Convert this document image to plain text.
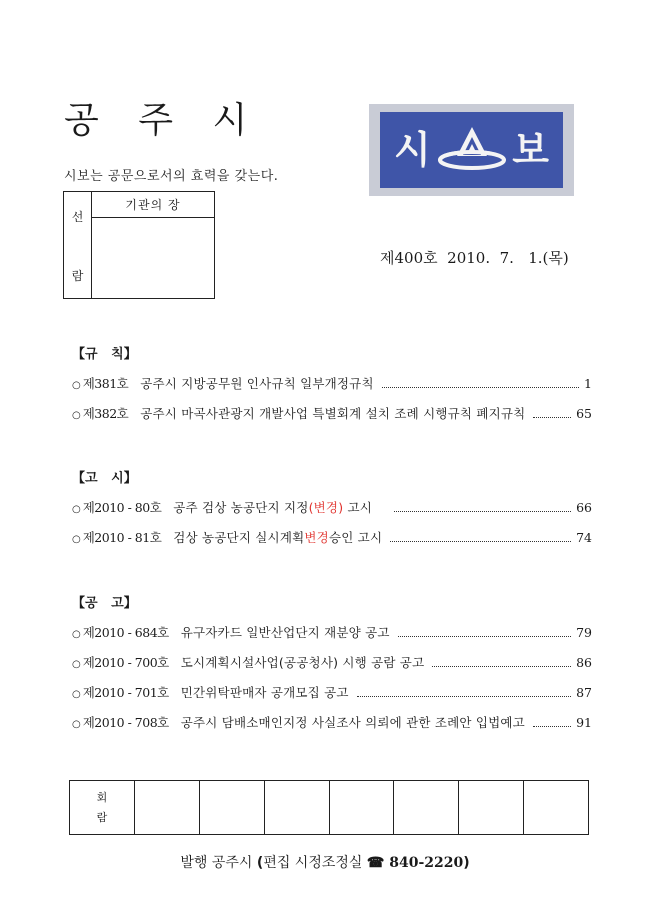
공 주 시
시보는 공문으로서의 효력을 갖는다.
선
람
기관의 장
시 보
제400호  2010.  7.   1.(목)
【규   칙】
○ 제381호 공주시 지방공무원 인사규칙 일부개정규칙	1
○ 제382호 공주시 마곡사관광지 개발사업 특별회계 설치 조례 시행규칙 폐지규칙	65
【고   시】
○ 제2010 - 80호 공주 검상 농공단지 지정(변경) 고시	66
○ 제2010 - 81호 검상 농공단지 실시계획변경승인 고시	74
【공   고】
○ 제2010 - 684호 유구자카드 일반산업단지 재분양 공고	79
○ 제2010 - 700호 도시계획시설사업(공공청사) 시행 공람 공고	86
○ 제2010 - 701호 민간위탁판매자 공개모집 공고	87
○ 제2010 - 708호 공주시 담배소매인지정 사실조사 의뢰에 관한 조례안 입법예고	91
회
람

발행 공주시 (편집 시정조정실 ☎ 840-2220)
